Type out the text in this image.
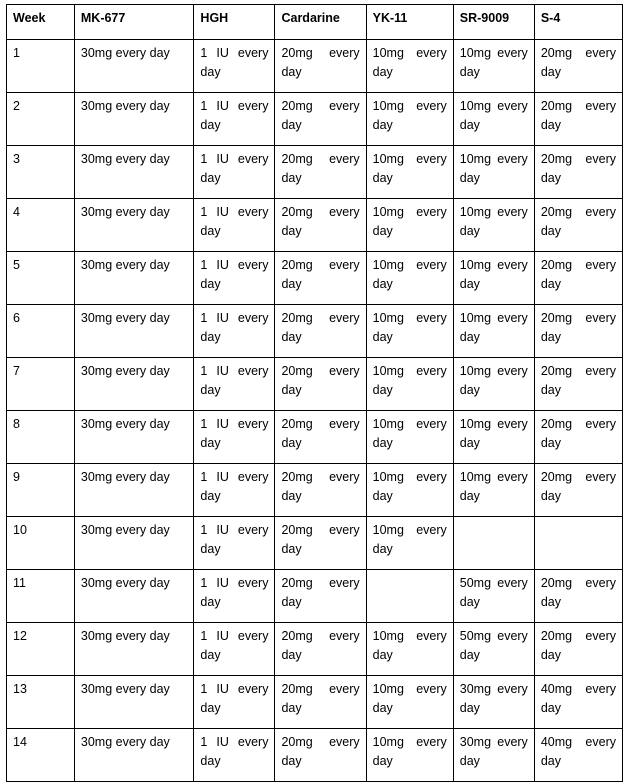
Week	MK-677	HGH	Cardarine	YK-11	SR-9009	S-4
1	30mg every day	1 IU every day	20mg every day	10mg every day	10mg every day	20mg every day
2	30mg every day	1 IU every day	20mg every day	10mg every day	10mg every day	20mg every day
3	30mg every day	1 IU every day	20mg every day	10mg every day	10mg every day	20mg every day
4	30mg every day	1 IU every day	20mg every day	10mg every day	10mg every day	20mg every day
5	30mg every day	1 IU every day	20mg every day	10mg every day	10mg every day	20mg every day
6	30mg every day	1 IU every day	20mg every day	10mg every day	10mg every day	20mg every day
7	30mg every day	1 IU every day	20mg every day	10mg every day	10mg every day	20mg every day
8	30mg every day	1 IU every day	20mg every day	10mg every day	10mg every day	20mg every day
9	30mg every day	1 IU every day	20mg every day	10mg every day	10mg every day	20mg every day
10	30mg every day	1 IU every day	20mg every day	10mg every day		
11	30mg every day	1 IU every day	20mg every day		50mg every day	20mg every day
12	30mg every day	1 IU every day	20mg every day	10mg every day	50mg every day	20mg every day
13	30mg every day	1 IU every day	20mg every day	10mg every day	30mg every day	40mg every day
14	30mg every day	1 IU every day	20mg every day	10mg every day	30mg every day	40mg every day
